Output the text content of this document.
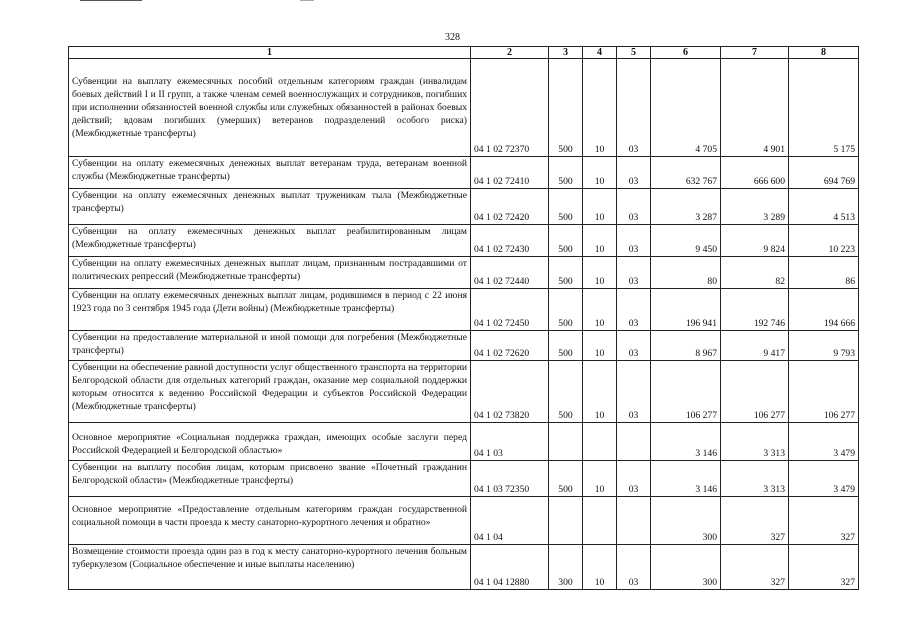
328
1	2	3	4	5	6	7	8
Субвенции на выплату ежемесячных пособий отдельным категориям граждан (инвалидам боевых действий I и II групп, а также членам семей военнослужащих и сотрудников, погибших при исполнении обязанностей военной службы или служебных обязанностей в районах боевых действий; вдовам погибших (умерших) ветеранов подразделений особого риска) (Межбюджетные трансферты)	04 1 02 72370	500	10	03	4 705	4 901	5 175
Субвенции на оплату ежемесячных денежных выплат ветеранам труда, ветеранам военной службы (Межбюджетные трансферты)	04 1 02 72410	500	10	03	632 767	666 600	694 769
Субвенции на оплату ежемесячных денежных выплат труженикам тыла (Межбюджетные трансферты)	04 1 02 72420	500	10	03	3 287	3 289	4 513
Субвенции на оплату ежемесячных денежных выплат реабилитированным лицам (Межбюджетные трансферты)	04 1 02 72430	500	10	03	9 450	9 824	10 223
Субвенции на оплату ежемесячных денежных выплат лицам, признанным пострадавшими от политических репрессий (Межбюджетные трансферты)	04 1 02 72440	500	10	03	80	82	86
Субвенции на оплату ежемесячных денежных выплат лицам, родившимся в период с 22 июня 1923 года по 3 сентября 1945 года (Дети войны) (Межбюджетные трансферты)	04 1 02 72450	500	10	03	196 941	192 746	194 666
Субвенции на предоставление материальной и иной помощи для погребения (Межбюджетные трансферты)	04 1 02 72620	500	10	03	8 967	9 417	9 793
Субвенции на обеспечение равной доступности услуг общественного транспорта на территории Белгородской области для отдельных категорий граждан, оказание мер социальной поддержки которым относится к ведению Российской Федерации и субъектов Российской Федерации (Межбюджетные трансферты)	04 1 02 73820	500	10	03	106 277	106 277	106 277
Основное мероприятие «Социальная поддержка граждан, имеющих особые заслуги перед Российской Федерацией и Белгородской областью»	04 1 03				3 146	3 313	3 479
Субвенции на выплату пособия лицам, которым присвоено звание «Почетный гражданин Белгородской области» (Межбюджетные трансферты)	04 1 03 72350	500	10	03	3 146	3 313	3 479
Основное мероприятие «Предоставление отдельным категориям граждан государственной социальной помощи в части проезда к месту санаторно-курортного лечения и обратно»	04 1 04				300	327	327
Возмещение стоимости проезда один раз в год к месту санаторно-курортного лечения больным туберкулезом (Социальное обеспечение и иные выплаты населению)	04 1 04 12880	300	10	03	300	327	327
